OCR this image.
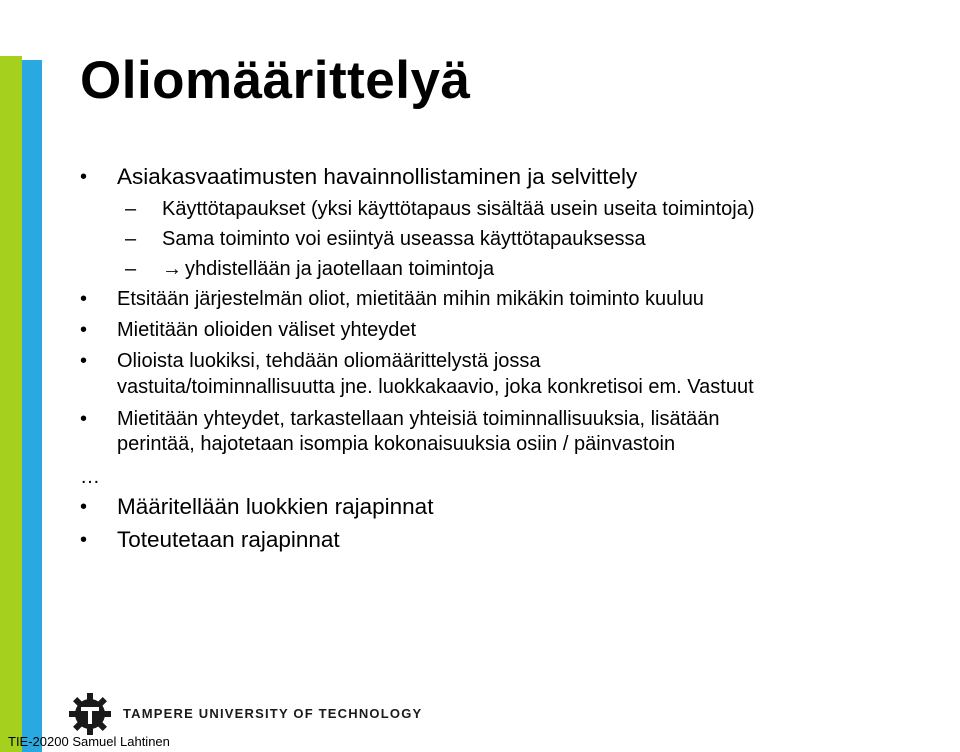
Oliomäärittelyä
• Asiakasvaatimusten havainnollistaminen ja selvittely
– Käyttötapaukset (yksi käyttötapaus sisältää usein useita toimintoja)
– Sama toiminto voi esiintyä useassa käyttötapauksessa
– → yhdistellään ja jaotellaan toimintoja
• Etsitään järjestelmän oliot, mietitään mihin mikäkin toiminto kuuluu
• Mietitään olioiden väliset yhteydet
• Olioista luokiksi, tehdään oliomäärittelystä jossa
vastuita/toiminnallisuutta jne. luokkakaavio, joka konkretisoi em. Vastuut
• Mietitään yhteydet, tarkastellaan yhteisiä toiminnallisuuksia, lisätään
perintää, hajotetaan isompia kokonaisuuksia osiin / päinvastoin
…
• Määritellään luokkien rajapinnat
• Toteutetaan rajapinnat
TAMPERE UNIVERSITY OF TECHNOLOGY
TIE-20200 Samuel Lahtinen
